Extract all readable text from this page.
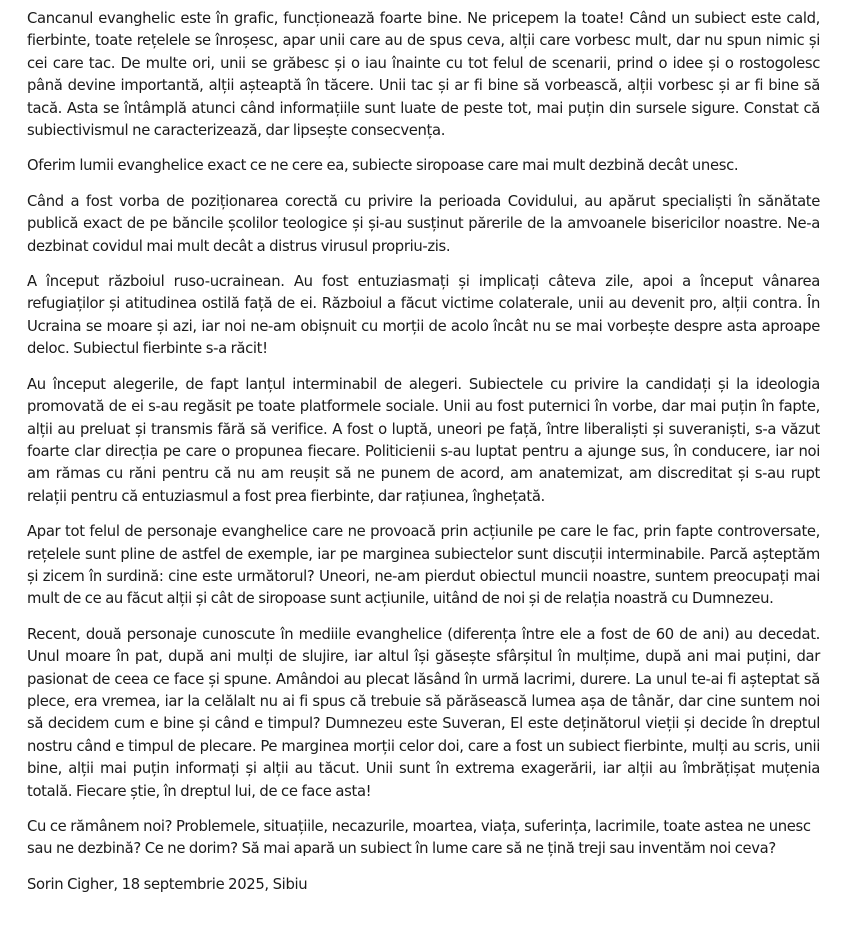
Cancanul evanghelic este în grafic, funcționează foarte bine. Ne pricepem la toate! Când un subiect este cald, fierbinte, toate rețelele se înroșesc, apar unii care au de spus ceva, alții care vorbesc mult, dar nu spun nimic și cei care tac. De multe ori, unii se grăbesc și o iau înainte cu tot felul de scenarii, prind o idee și o rostogolesc până devine importantă, alții așteaptă în tăcere. Unii tac și ar fi bine să vorbească, alții vorbesc și ar fi bine să tacă. Asta se întâmplă atunci când informațiile sunt luate de peste tot, mai puțin din sursele sigure. Constat că subiectivismul ne caracterizează, dar lipsește consecvența.

Oferim lumii evanghelice exact ce ne cere ea, subiecte siropoase care mai mult dezbină decât unesc.

Când a fost vorba de poziționarea corectă cu privire la perioada Covidului, au apărut specialiști în sănătate publică exact de pe băncile școlilor teologice și și-au susținut părerile de la amvoanele bisericilor noastre. Ne-a dezbinat covidul mai mult decât a distrus virusul propriu-zis.

A început războiul ruso-ucrainean. Au fost entuziasmați și implicați câteva zile, apoi a început vânarea refugiaților și atitudinea ostilă față de ei. Războiul a făcut victime colaterale, unii au devenit pro, alții contra. În Ucraina se moare și azi, iar noi ne-am obișnuit cu morții de acolo încât nu se mai vorbește despre asta aproape deloc. Subiectul fierbinte s-a răcit!

Au început alegerile, de fapt lanțul interminabil de alegeri. Subiectele cu privire la candidați și la ideologia promovată de ei s-au regăsit pe toate platformele sociale. Unii au fost puternici în vorbe, dar mai puțin în fapte, alții au preluat și transmis fără să verifice. A fost o luptă, uneori pe față, între liberaliști și suveraniști, s-a văzut foarte clar direcția pe care o propunea fiecare. Politicienii s-au luptat pentru a ajunge sus, în conducere, iar noi am rămas cu răni pentru că nu am reușit să ne punem de acord, am anatemizat, am discreditat și s-au rupt relații pentru că entuziasmul a fost prea fierbinte, dar rațiunea, înghețată.

Apar tot felul de personaje evanghelice care ne provoacă prin acțiunile pe care le fac, prin fapte controversate, rețelele sunt pline de astfel de exemple, iar pe marginea subiectelor sunt discuții interminabile. Parcă așteptăm și zicem în surdină: cine este următorul? Uneori, ne-am pierdut obiectul muncii noastre, suntem preocupați mai mult de ce au făcut alții și cât de siropoase sunt acțiunile, uitând de noi și de relația noastră cu Dumnezeu.

Recent, două personaje cunoscute în mediile evanghelice (diferența între ele a fost de 60 de ani) au decedat. Unul moare în pat, după ani mulți de slujire, iar altul își găsește sfârșitul în mulțime, după ani mai puțini, dar pasionat de ceea ce face și spune. Amândoi au plecat lăsând în urmă lacrimi, durere. La unul te-ai fi așteptat să plece, era vremea, iar la celălalt nu ai fi spus că trebuie să părăsească lumea așa de tânăr, dar cine suntem noi să decidem cum e bine și când e timpul? Dumnezeu este Suveran, El este deținătorul vieții și decide în dreptul nostru când e timpul de plecare. Pe marginea morții celor doi, care a fost un subiect fierbinte, mulți au scris, unii bine, alții mai puțin informați și alții au tăcut. Unii sunt în extrema exagerării, iar alții au îmbrățișat muțenia totală. Fiecare știe, în dreptul lui, de ce face asta!

Cu ce rămânem noi? Problemele, situațiile, necazurile, moartea, viața, suferința, lacrimile, toate astea ne unesc sau ne dezbină? Ce ne dorim? Să mai apară un subiect în lume care să ne țină treji sau inventăm noi ceva?

Sorin Cigher, 18 septembrie 2025, Sibiu
